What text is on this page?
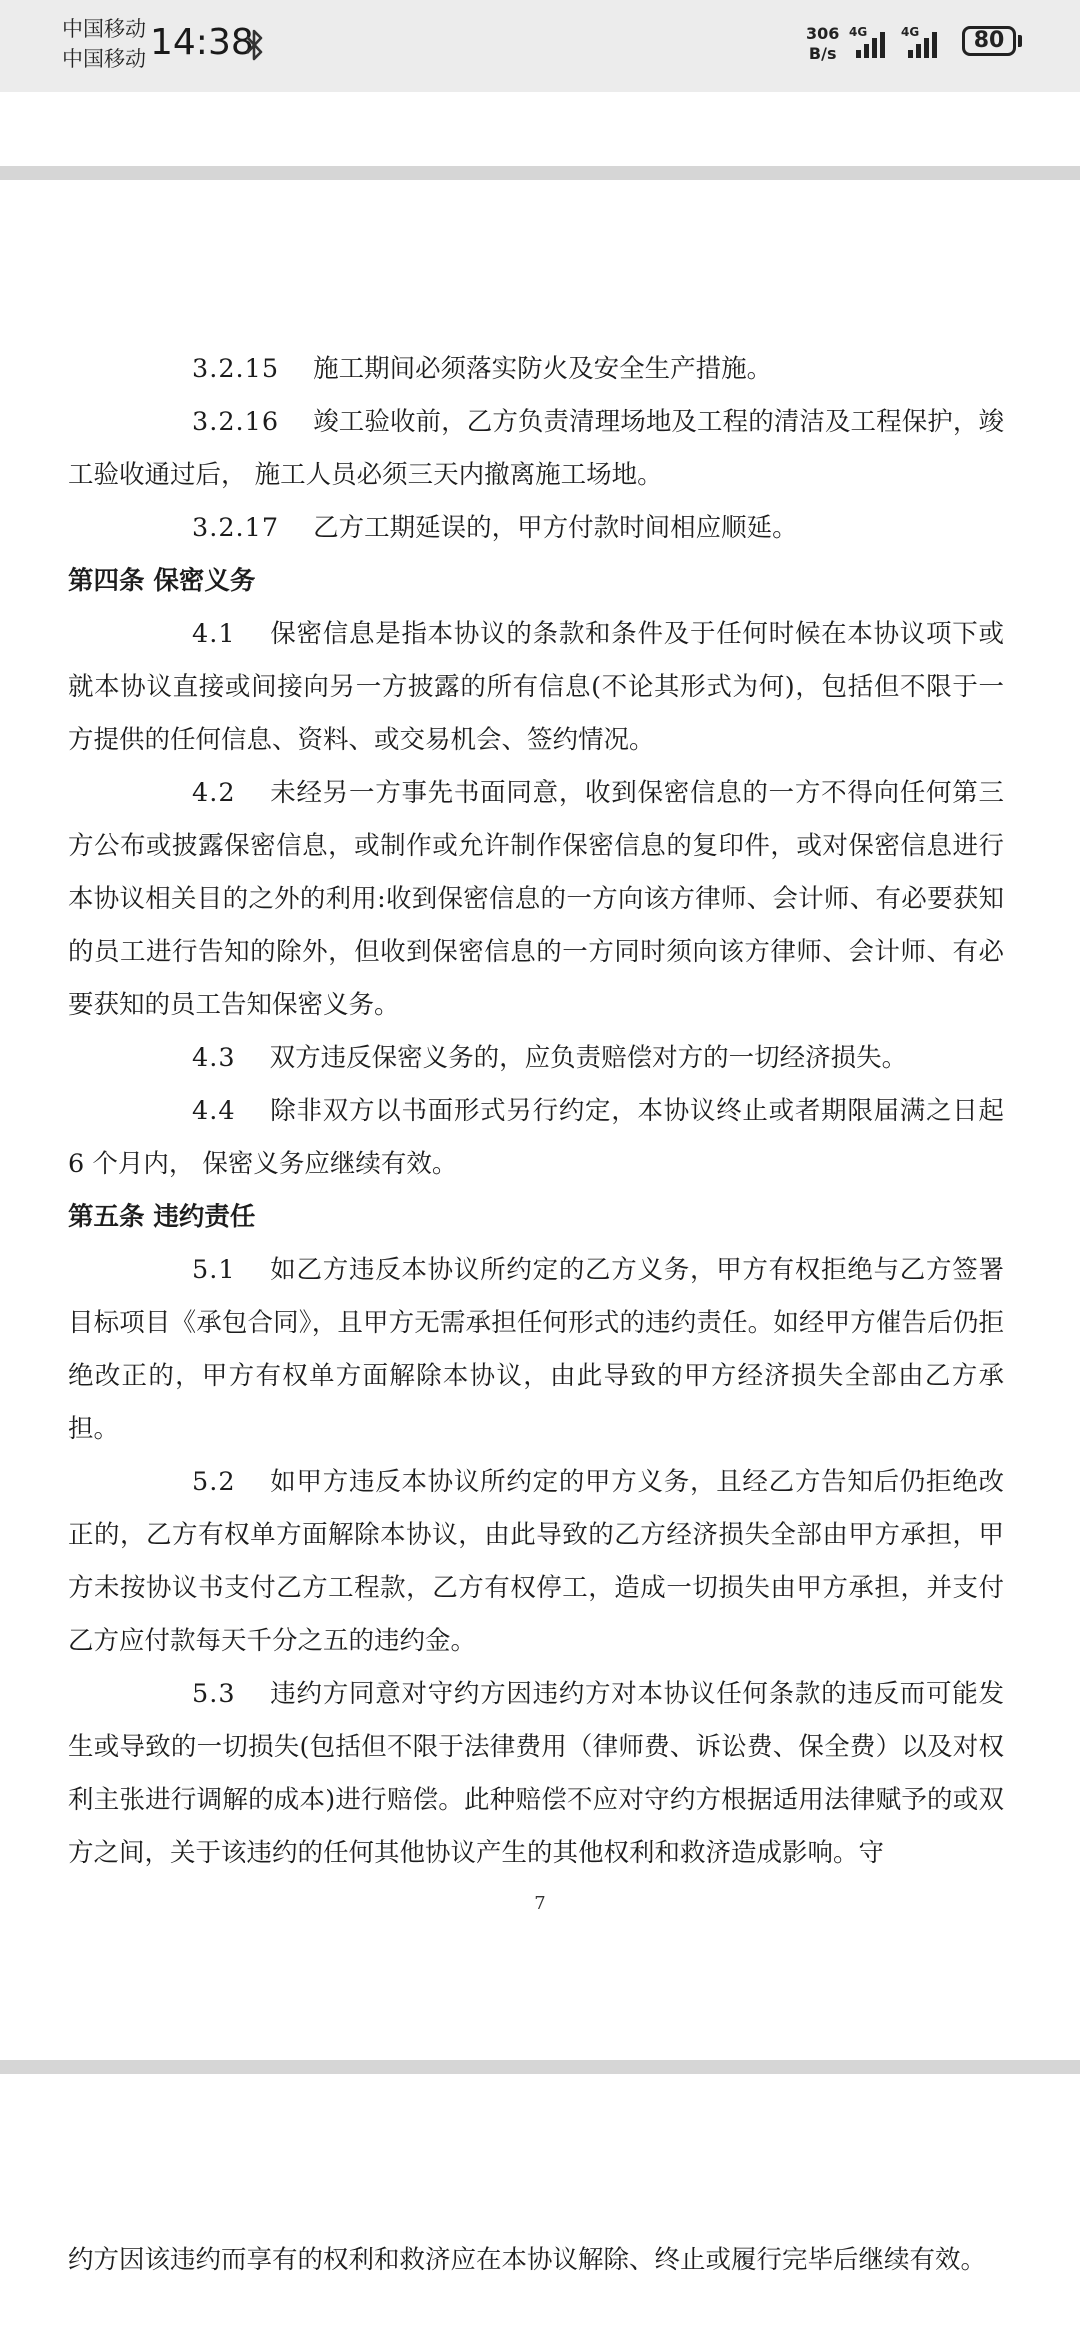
中国移动
中国移动 14:38	306
B/s
4G	4G	80

3.2.15 施工期间必须落实防火及安全生产措施。

3.2.16 竣工验收前，乙方负责清理场地及工程的清洁及工程保护，竣工验收通过后， 施工人员必须三天内撤离施工场地。

3.2.17 乙方工期延误的，甲方付款时间相应顺延。

第四条 保密义务

4.1 保密信息是指本协议的条款和条件及于任何时候在本协议项下或就本协议直接或间接向另一方披露的所有信息(不论其形式为何)，包括但不限于一方提供的任何信息、资料、或交易机会、签约情况。

4.2 未经另一方事先书面同意，收到保密信息的一方不得向任何第三方公布或披露保密信息，或制作或允许制作保密信息的复印件，或对保密信息进行本协议相关目的之外的利用:收到保密信息的一方向该方律师、会计师、有必要获知的员工进行告知的除外，但收到保密信息的一方同时须向该方律师、会计师、有必要获知的员工告知保密义务。

4.3 双方违反保密义务的，应负责赔偿对方的一切经济损失。

4.4 除非双方以书面形式另行约定，本协议终止或者期限届满之日起 6 个月内， 保密义务应继续有效。

第五条 违约责任

5.1 如乙方违反本协议所约定的乙方义务，甲方有权拒绝与乙方签署目标项目《承包合同》，且甲方无需承担任何形式的违约责任。如经甲方催告后仍拒绝改正的，甲方有权单方面解除本协议，由此导致的甲方经济损失全部由乙方承担。

5.2 如甲方违反本协议所约定的甲方义务，且经乙方告知后仍拒绝改正的，乙方有权单方面解除本协议，由此导致的乙方经济损失全部由甲方承担，甲方未按协议书支付乙方工程款，乙方有权停工，造成一切损失由甲方承担，并支付乙方应付款每天千分之五的违约金。

5.3 违约方同意对守约方因违约方对本协议任何条款的违反而可能发生或导致的一切损失(包括但不限于法律费用（律师费、诉讼费、保全费）以及对权利主张进行调解的成本)进行赔偿。此种赔偿不应对守约方根据适用法律赋予的或双方之间，关于该违约的任何其他协议产生的其他权利和救济造成影响。守

7

约方因该违约而享有的权利和救济应在本协议解除、终止或履行完毕后继续有效。
